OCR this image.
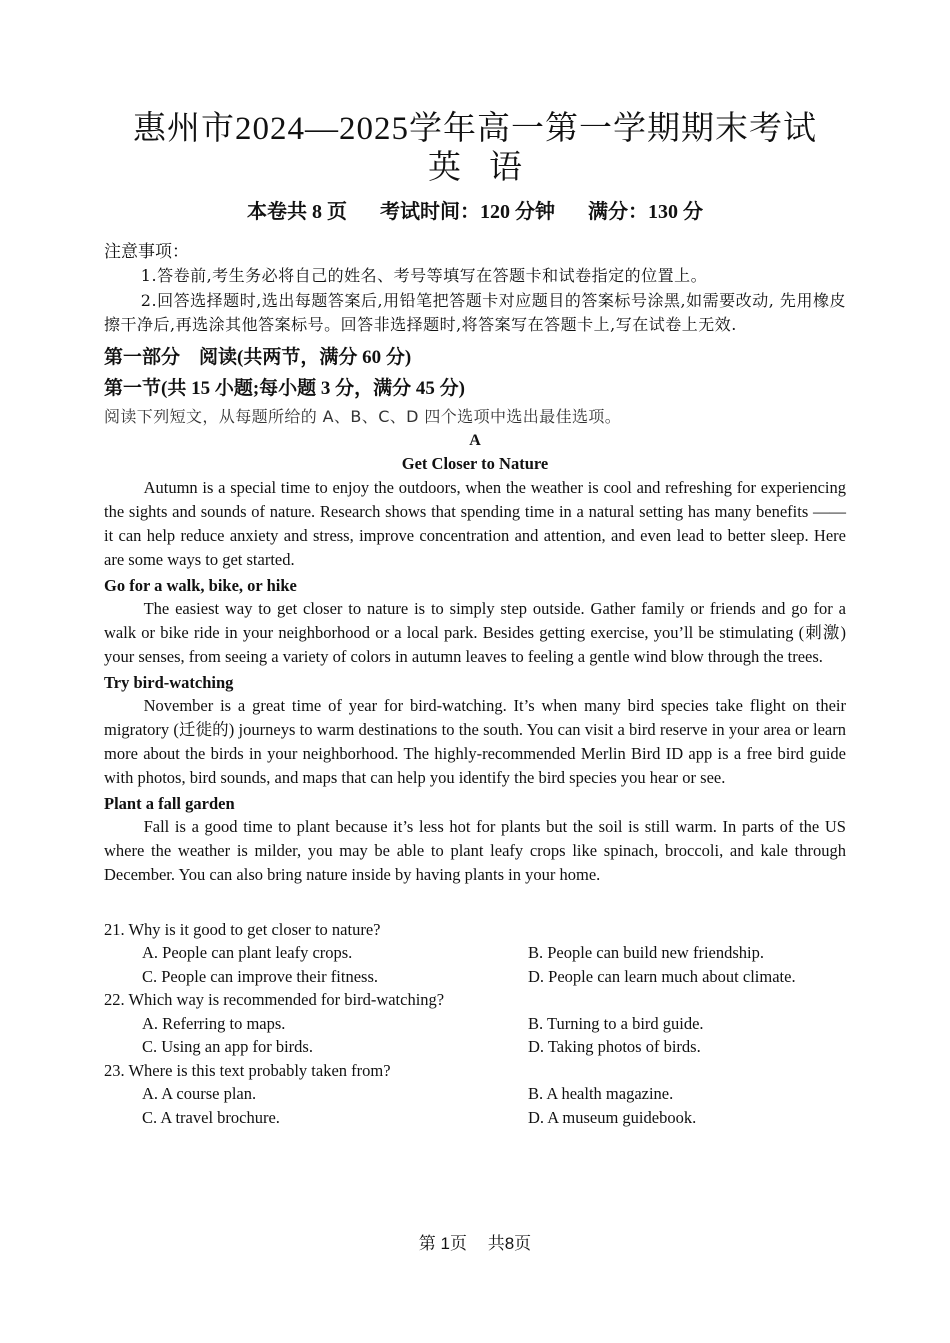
惠州市2024—2025学年高一第一学期期末考试
英语
本卷共 8 页 考试时间：120 分钟 满分：130 分

注意事项：

1.答卷前,考生务必将自己的姓名、考号等填写在答题卡和试卷指定的位置上。

2.回答选择题时,选出每题答案后,用铅笔把答题卡对应题目的答案标号涂黑,如需要改动, 先用橡皮擦干净后,再选涂其他答案标号。回答非选择题时,将答案写在答题卡上,写在试卷上无效.

第一部分　阅读(共两节，满分 60 分)

第一节(共 15 小题;每小题 3 分，满分 45 分)

阅读下列短文，从每题所给的 A、B、C、D 四个选项中选出最佳选项。

A

Get Closer to Nature

Autumn is a special time to enjoy the outdoors, when the weather is cool and refreshing for experiencing the sights and sounds of nature. Research shows that spending time in a natural setting has many benefits —— it can help reduce anxiety and stress, improve concentration and attention, and even lead to better sleep. Here are some ways to get started.

Go for a walk, bike, or hike

The easiest way to get closer to nature is to simply step outside. Gather family or friends and go for a walk or bike ride in your neighborhood or a local park. Besides getting exercise, you’ll be stimulating (刺激) your senses, from seeing a variety of colors in autumn leaves to feeling a gentle wind blow through the trees.

Try bird-watching

November is a great time of year for bird-watching. It’s when many bird species take flight on their migratory (迁徙的) journeys to warm destinations to the south. You can visit a bird reserve in your area or learn more about the birds in your neighborhood. The highly-recommended Merlin Bird ID app is a free bird guide with photos, bird sounds, and maps that can help you identify the bird species you hear or see.

Plant a fall garden

Fall is a good time to plant because it’s less hot for plants but the soil is still warm. In parts of the US where the weather is milder, you may be able to plant leafy crops like spinach, broccoli, and kale through December. You can also bring nature inside by having plants in your home.

21. Why is it good to get closer to nature?

A. People can plant leafy crops.	B. People can build new friendship.
C. People can improve their fitness.	D. People can learn much about climate.

22. Which way is recommended for bird-watching?

A. Referring to maps.	B. Turning to a bird guide.
C. Using an app for birds.	D. Taking photos of birds.

23. Where is this text probably taken from?

A. A course plan.	B. A health magazine.
C. A travel brochure.	D. A museum guidebook.
第 1页 共8页
